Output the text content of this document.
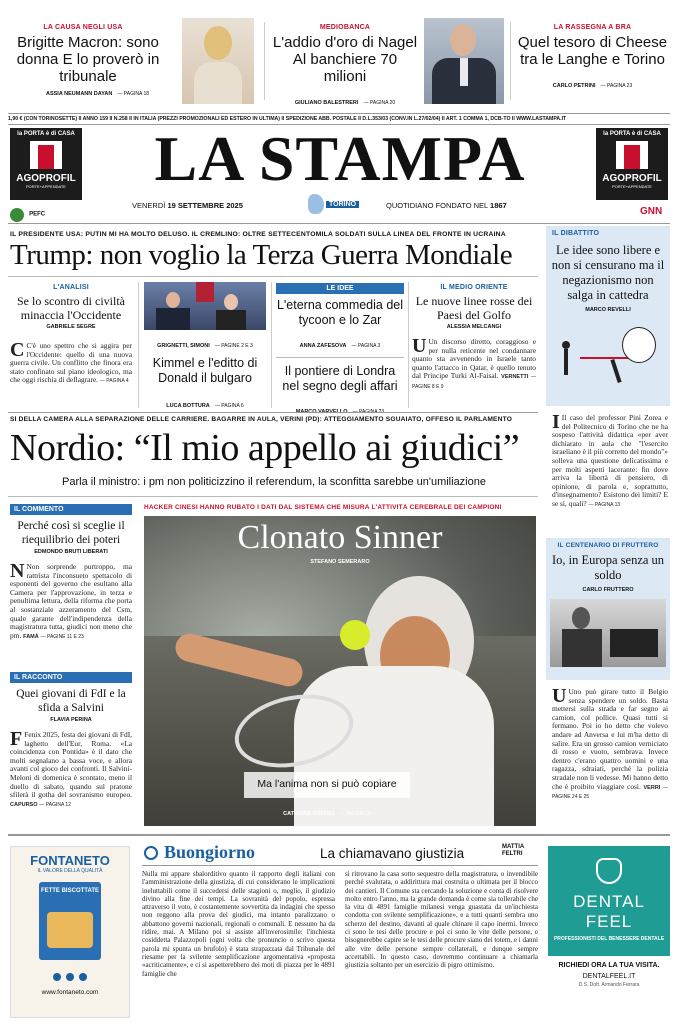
LA CAUSA NEGLI USA
Brigitte Macron: sono donna E lo proverò in tribunale
ASSIA NEUMANN DAYAN — PAGINA 18
MEDIOBANCA
L'addio d'oro di Nagel Al banchiere 70 milioni
GIULIANO BALESTRERI — PAGINA 20
LA RASSEGNA A BRA
Quel tesoro di Cheese tra le Langhe e Torino
CARLO PETRINI — PAGINA 23
1,90 € (CON TORINOSETTE) II ANNO 159 II N.258 II IN ITALIA (PREZZI PROMOZIONALI ED ESTERO IN ULTIMA) II SPEDIZIONE ABB. POSTALE II D.L.353/03 (CONV.IN L.27/02/04) II ART. 1 COMMA 1, DCB-TO II WWW.LASTAMPA.IT
la PORTA è di CASA
AGOPROFIL
PORTE+APPENDATE
PEFC
la PORTA è di CASA
AGOPROFIL
PORTE+APPENDATE
GNN
LA STAMPA
VENERDÌ 19 SETTEMBRE 2025	TORINO	QUOTIDIANO FONDATO NEL 1867
IL PRESIDENTE USA: PUTIN MI HA MOLTO DELUSO. IL CREMLINO: OLTRE SETTECENTOMILA SOLDATI SULLA LINEA DEL FRONTE IN UCRAINA
Trump: non voglio la Terza Guerra Mondiale
L'ANALISI
Se lo scontro di civiltà minaccia l'Occidente
GABRIELE SEGRE
C C'è uno spettro che si aggira per l'Occidente: quello di una nuova guerra civile. Un conflitto che finora era stato confinato sul piano ideologico, ma che oggi rischia di deflagrare. — PAGINA 4
GRIGNETTI, SIMONI — PAGINE 2 E 3
Kimmel e l'editto di Donald il bulgaro
LUCA BOTTURA — PAGINA 6
LE IDEE
L'eterna commedia del tycoon e lo Zar
ANNA ZAFESOVA — PAGINA 3
Il pontiere di Londra nel segno degli affari
IL MEDIO ORIENTE
Le nuove linee rosse dei Paesi del Golfo
ALESSIA MELCANGI
U Un discorso diretto, coraggioso e per nulla reticente nel condannare quanto sta avvenendo in Israele tanto quanto l'attacco in Qatar, è quello tenuto dal Principe Turki Al-Faisal. VERNETTI — PAGINE 8 E 9
IL DIBATTITO
Le idee sono libere e non si censurano ma il negazionismo non salga in cattedra
MARCO REVELLI
I Il caso del professor Pini Zorea e del Politecnico di Torino che ne ha sospeso l'attività didattica «per aver dichiarato in aula che "l'esercito israeliano è il più corretto del mondo"» solleva una questione delicatissima e per molti aspetti lacerante: fin dove arriva la libertà di pensiero, di opinione, di parola e, soprattutto, d'insegnamento? Esistono dei limiti? E se sì, quali? — PAGINA 13
SÌ DELLA CAMERA ALLA SEPARAZIONE DELLE CARRIERE. BAGARRE IN AULA, VERINI (PD): ATTEGGIAMENTO SGUAIATO, OFFESO IL PARLAMENTO
Nordio: “Il mio appello ai giudici”
Parla il ministro: i pm non politicizzino il referendum, la sconfitta sarebbe un'umiliazione
IL COMMENTO
Perché così si scegli​e il riequilibrio dei poteri
EDMONDO BRUTI LIBERATI
N Non sorprende purtroppo, ma rattrista l'inconsueto spettacolo di esponenti del governo che esultano alla Camera per l'approvazione, in terza e penultima lettura, della riforma che porta al sostanziale azzeramento del Csm, quale garante dell'indipendenza della magistratura tutta, giudici non meno che pm. FAMÀ — PAGINE 11 E 23
IL RACCONTO
Quei giovani di FdI e la sfida a Salvini
FLAVIA PERINA
F Fenix 2025, festa dei giovani di FdI, laghetto dell'Eur, Roma. «La coincidenza con Pontida» è il dato che molti segnalano a bassa voce, e allora avanti col gioco dei confronti. Il Salvini-Meloni di domenica è scontato, meno il duello di sabato, quando sul pratone sfilerà il gotha del sovranismo europeo. CAPURSO — PAGINA 12
HACKER CINESI HANNO RUBATO I DATI DAL SISTEMA CHE MISURA L'ATTIVITÀ CEREBRALE DEI CAMPIONI
Clonato Sinner
STEFANO SEMERARO
Ma l'anima non si può copiare
CATERINA SOFFICI — PAGINA 19
TIM CLAYTON/GETTY
IL CENTENARIO DI FRUTTERO
Io, in Europa senza un soldo
CARLO FRUTTERO
U Uno può girare tutto il Belgio senza spendere un soldo. Basta mettersi sulla strada e far segno ai camion, col pollice. Quasi tutti si fermano. Poi io ho detto che volevo andare ad Anversa e lui m'ha detto di salire. Era un grosso camion verniciato di rosso e vuoto, sembrava. Invece dentro c'erano quattro uomini e una ragazza, sdraiati, perché la polizia stradale non li vedesse. Mi hanno detto che è proibito viaggiare così. VERRI — PAGINE 24 E 25
FONTANETO
IL VALORE DELLA QUALITÀ
FETTE BISCOTTATE

www.fontaneto.com
Buongiorno	La chiamavano giustizia	MATTIA
FELTRI
Nulla mi appare sbalorditivo quanto il rapporto degli italiani con l'amministrazione della giustizia, di cui considerano le implicazioni ineluttabili come il succedersi delle stagioni o, meglio, il giudizio divino alla fine dei tempi. La sovranità del popolo, espressa attraverso il voto, è costantemente sovvertita da indagini che spesso non reggono alla prova dei giudici, ma intanto paralizzano o abbattono governi nazionali, regionali o comunali. E nessuno ha da ridire, mai. A Milano poi si assiste all'inverosimile: l'inchiesta cosiddetta Palazzopoli (ogni volta che pronuncio o scrivo questa parola mi spunta un brufolo) è stata strapazzata dal Tribunale del riesame per la svilente semplificazione argomentativa «proposta «acriticamente», e ci si aspetterebbero dei moti di piazza per le 4891 famiglie che
si ritrovano la casa sotto sequestro della magistratura, o invendibile perché svalutata, o addirittura mai costruita o ultimata per il blocco dei cantieri. Il Comune sta cercando la soluzione e conta di risolvere molto entro l'anno, ma la grande domanda è come sia tollerabile che la vita di 4891 famiglie milanesi venga guastata da un'inchiesta condotta con svilente semplificazione», e a tutti quanti sembra uno scherzo del destino, davanti al quale chinare il capo inermi. Invece ci sono le tesi delle procure e poi ci sono le vite delle persone, e bisognerebbe capire se le tesi delle procure siano dei totem, e i danni alle vite delle persone sempre collaterali, e dunque sempre accettabili. In questo caso, dovremmo continuare a chiamarla giustizia soltanto per un esercizio di pigro ottimismo.
DENTAL FEEL
PROFESSIONISTI DEL BENESSERE DENTALE
RICHIEDI ORA LA TUA VISITA.
DENTALFEEL.IT
D.S. Dott. Armando Ferrara
